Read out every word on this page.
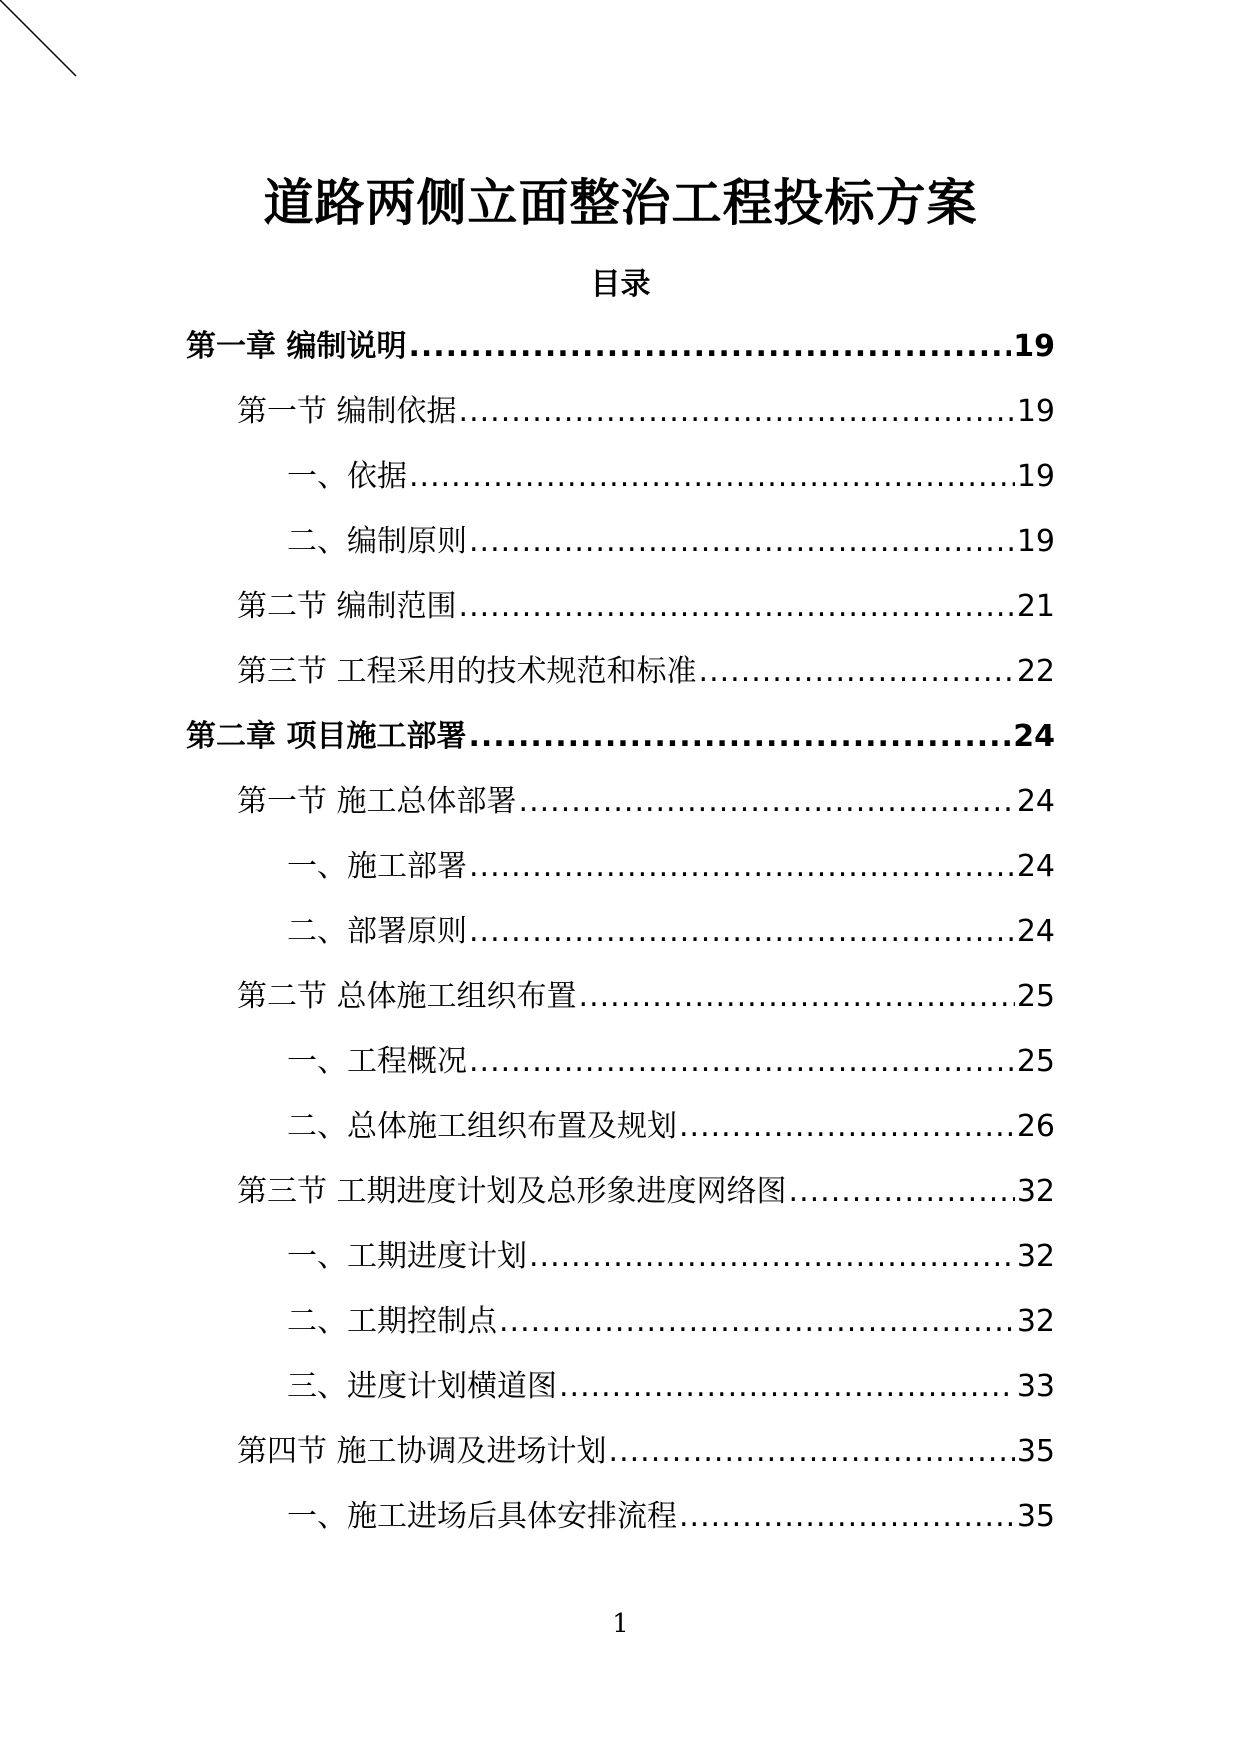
道路两侧立面整治工程投标方案
目录
第一章 编制说明 .....	19
第一节 编制依据 .....	19
一、依据 .....	19
二、编制原则 .....	19
第二节 编制范围 .....	21
第三节 工程采用的技术规范和标准 .....	22
第二章 项目施工部署 .....	24
第一节 施工总体部署 .....	24
一、施工部署 .....	24
二、部署原则 .....	24
第二节 总体施工组织布置 .....	25
一、工程概况 .....	25
二、总体施工组织布置及规划 .....	26
第三节 工期进度计划及总形象进度网络图 .....	32
一、工期进度计划 .....	32
二、工期控制点 .....	32
三、进度计划横道图 .....	33
第四节 施工协调及进场计划 .....	35
一、施工进场后具体安排流程 .....	35
1
